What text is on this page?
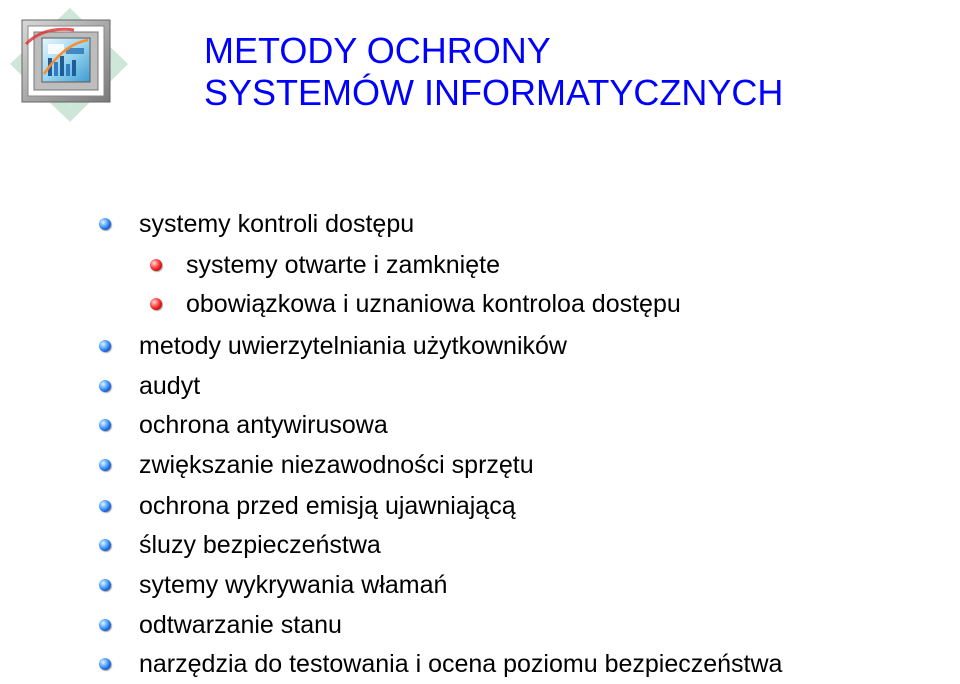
METODY OCHRONY
SYSTEMÓW INFORMATYCZNYCH
systemy kontroli dostępu
systemy otwarte i zamknięte
obowiązkowa i uznaniowa kontroloa dostępu
metody uwierzytelniania użytkowników
audyt
ochrona antywirusowa
zwiększanie niezawodności sprzętu
ochrona przed emisją ujawniającą
śluzy bezpieczeństwa
sytemy wykrywania włamań
odtwarzanie stanu
narzędzia do testowania i ocena poziomu bezpieczeństwa
